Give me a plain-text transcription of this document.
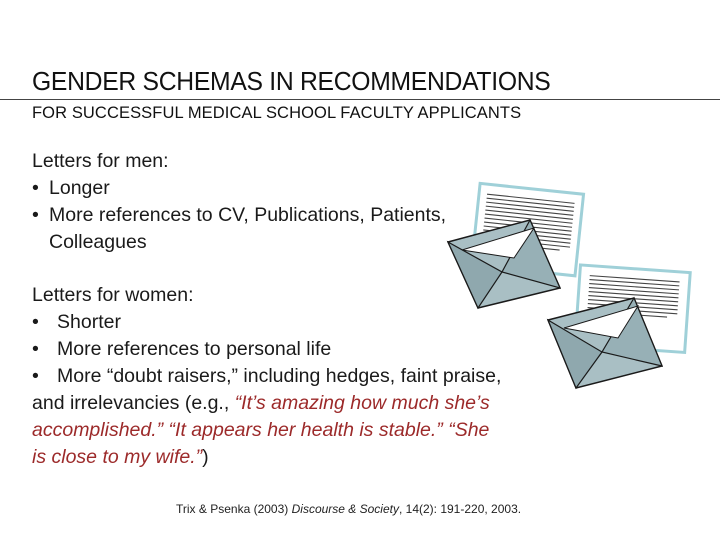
GENDER SCHEMAS IN RECOMMENDATIONS
FOR SUCCESSFUL MEDICAL SCHOOL FACULTY APPLICANTS
Letters for men:
• Longer
• More references to CV, Publications, Patients, Colleagues
Letters for women:
• Shorter
• More references to personal life
• More “doubt raisers,” including hedges, faint praise, and irrelevancies (e.g., “It’s amazing how much she’s accomplished.” “It appears her health is stable.” “She is close to my wife.”)
Trix & Psenka (2003) Discourse & Society, 14(2): 191-220, 2003.
